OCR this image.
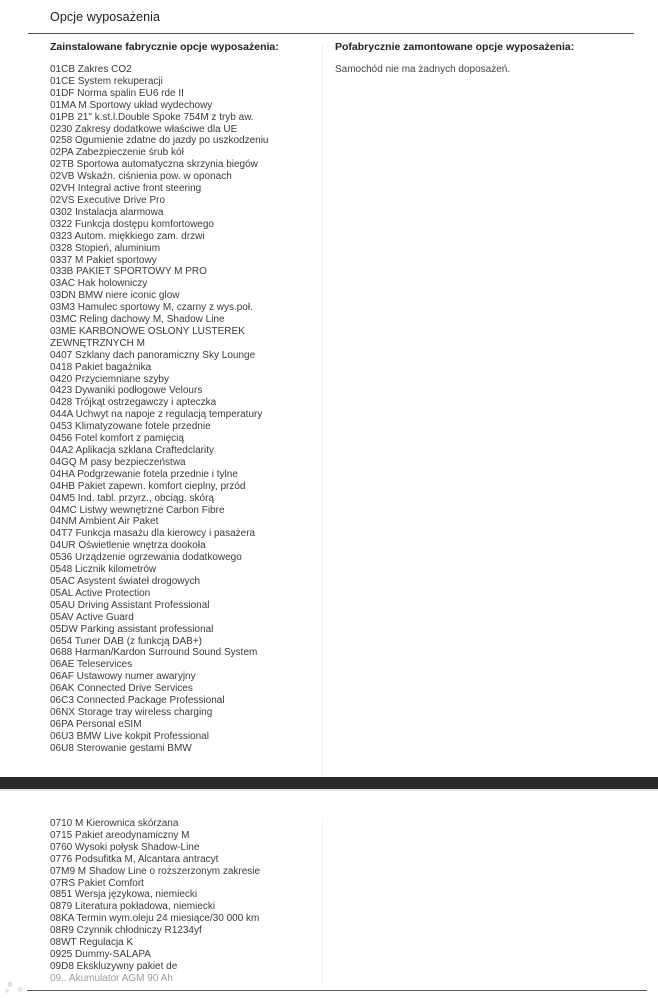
Opcje wyposażenia
Zainstalowane fabrycznie opcje wyposażenia:
01CB Zakres CO2
01CE System rekuperacji
01DF Norma spalin EU6 rde II
01MA M Sportowy układ wydechowy
01PB 21" k.st.l.Double Spoke 754M z tryb aw.
0230 Zakresy dodatkowe właściwe dla UE
0258 Ogumienie zdatne do jazdy po uszkodzeniu
02PA Zabezpieczenie śrub kół
02TB Sportowa automatyczna skrzynia biegów
02VB Wskaźn. ciśnienia pow. w oponach
02VH Integral active front steering
02VS Executive Drive Pro
0302 Instalacja alarmowa
0322 Funkcja dostępu komfortowego
0323 Autom. miękkiego zam. drzwi
0328 Stopień, aluminium
0337 M Pakiet sportowy
033B PAKIET SPORTOWY M PRO
03AC Hak holowniczy
03DN BMW niere iconic glow
03M3 Hamulec sportowy M, czarny z wys.poł.
03MC Reling dachowy M, Shadow Line
03ME KARBONOWE OSŁONY LUSTEREK ZEWNĘTRZNYCH M
0407 Szklany dach panoramiczny Sky Lounge
0418 Pakiet bagażnika
0420 Przyciemniane szyby
0423 Dywaniki podłogowe Velours
0428 Trójkąt ostrzegawczy i apteczka
044A Uchwyt na napoje z regulacją temperatury
0453 Klimatyzowane fotele przednie
0456 Fotel komfort z pamięcią
04A2 Aplikacja szklana Craftedclarity
04GQ M pasy bezpieczeństwa
04HA Podgrzewanie fotela przednie i tylne
04HB Pakiet zapewn. komfort cieplny, przód
04M5 Ind. tabl. przyrz., obciąg. skórą
04MC Listwy wewnętrzne Carbon Fibre
04NM Ambient Air Paket
04T7 Funkcja masażu dla kierowcy i pasażera
04UR Oświetlenie wnętrza dookoła
0536 Urządzenie ogrzewania dodatkowego
0548 Licznik kilometrów
05AC Asystent świateł drogowych
05AL Active Protection
05AU Driving Assistant Professional
05AV Active Guard
05DW Parking assistant professional
0654 Tuner DAB (z funkcją DAB+)
0688 Harman/Kardon Surround Sound System
06AE Teleservices
06AF Ustawowy numer awaryjny
06AK Connected Drive Services
06C3 Connected Package Professional
06NX Storage tray wireless charging
06PA Personal eSIM
06U3 BMW Live kokpit Professional
06U8 Sterowanie gestami BMW
Pofabrycznie zamontowane opcje wyposażenia:
Samochód nie ma żadnych doposażeń.
0710 M Kierownica skórzana
0715 Pakiet areodynamiczny M
0760 Wysoki połysk Shadow-Line
0776 Podsufitka M, Alcantara antracyt
07M9 M Shadow Line o rozszerzonym zakresie
07RS Pakiet Comfort
0851 Wersja językowa, niemiecki
0879 Literatura pokładowa, niemiecki
08KA Termin wym.oleju 24 miesiące/30 000 km
08R9 Czynnik chłodniczy R1234yf
08WT Regulacja K
0925 Dummy-SALAPA
09D8 Ekskluzywny pakiet de
09.. Akumulator AGM 90 Ah
